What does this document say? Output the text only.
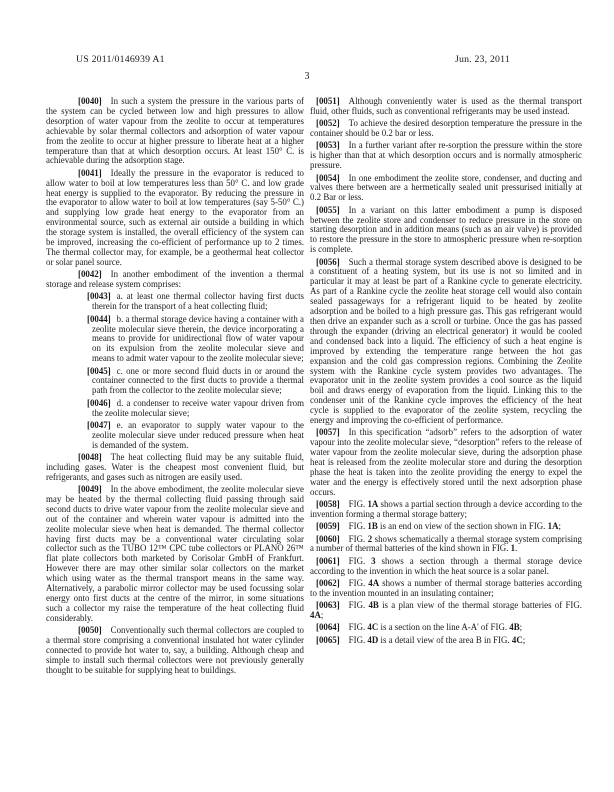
US 2011/0146939 A1	Jun. 23, 2011
3

[0040] In such a system the pressure in the various parts of the system can be cycled between low and high pressures to allow desorption of water vapour from the zeolite to occur at temperatures achievable by solar thermal collectors and adsorption of water vapour from the zeolite to occur at higher pressure to liberate heat at a higher temperature than that at which desorption occurs. At least 150° C. is achievable during the adsorption stage.

[0041] Ideally the pressure in the evaporator is reduced to allow water to boil at low temperatures less than 50° C. and low grade heat energy is supplied to the evaporator. By reducing the pressure in the evaporator to allow water to boil at low temperatures (say 5-50° C.) and supplying low grade heat energy to the evaporator from an environmental source, such as external air outside a building in which the storage system is installed, the overall efficiency of the system can be improved, increasing the co-efficient of performance up to 2 times. The thermal collector may, for example, be a geothermal heat collector or solar panel source.

[0042] In another embodiment of the invention a thermal storage and release system comprises:

[0043] a. at least one thermal collector having first ducts therein for the transport of a heat collecting fluid;

[0044] b. a thermal storage device having a container with a zeolite molecular sieve therein, the device incorporating a means to provide for unidirectional flow of water vapour on its expulsion from the zeolite molecular sieve and means to admit water vapour to the zeolite molecular sieve;

[0045] c. one or more second fluid ducts in or around the container connected to the first ducts to provide a thermal path from the collector to the zeolite molecular sieve;

[0046] d. a condenser to receive water vapour driven from the zeolite molecular sieve;

[0047] e. an evaporator to supply water vapour to the zeolite molecular sieve under reduced pressure when heat is demanded of the system.

[0048] The heat collecting fluid may be any suitable fluid, including gases. Water is the cheapest most convenient fluid, but refrigerants, and gases such as nitrogen are easily used.

[0049] In the above embodiment, the zeolite molecular sieve may be heated by the thermal collecting fluid passing through said second ducts to drive water vapour from the zeolite molecular sieve and out of the container and wherein water vapour is admitted into the zeolite molecular sieve when heat is demanded. The thermal collector having first ducts may be a conventional water circulating solar collector such as the TUBO 12™ CPC tube collectors or PLANO 26™ flat plate collectors both marketed by Corisolar GmbH of Frankfurt. However there are may other similar solar collectors on the market which using water as the thermal transport means in the same way. Alternatively, a parabolic mirror collector may be used focussing solar energy onto first ducts at the centre of the mirror, in some situations such a collector my raise the temperature of the heat collecting fluid considerably.

[0050] Conventionally such thermal collectors are coupled to a thermal store comprising a conventional insulated hot water cylinder connected to provide hot water to, say, a building. Although cheap and simple to install such thermal collectors were not previously generally thought to be suitable for supplying heat to buildings.

[0051] Although conveniently water is used as the thermal transport fluid, other fluids, such as conventional refrigerants may be used instead.

[0052] To achieve the desired desorption temperature the pressure in the container should be 0.2 bar or less.

[0053] In a further variant after re-sorption the pressure within the store is higher than that at which desorption occurs and is normally atmospheric pressure.

[0054] In one embodiment the zeolite store, condenser, and ducting and valves there between are a hermetically sealed unit pressurised initially at 0.2 Bar or less.

[0055] In a variant on this latter embodiment a pump is disposed between the zeolite store and condenser to reduce pressure in the store on starting desorption and in addition means (such as an air valve) is provided to restore the pressure in the store to atmospheric pressure when re-sorption is complete.

[0056] Such a thermal storage system described above is designed to be a constituent of a heating system, but its use is not so limited and in particular it may at least be part of a Rankine cycle to generate electricity. As part of a Rankine cycle the zeolite heat storage cell would also contain sealed passageways for a refrigerant liquid to be heated by zeolite adsorption and be boiled to a high pressure gas. This gas refrigerant would then drive an expander such as a scroll or turbine. Once the gas has passed through the expander (driving an electrical generator) it would be cooled and condensed back into a liquid. The efficiency of such a heat engine is improved by extending the temperature range between the hot gas expansion and the cold gas compression regions. Combining the Zeolite system with the Rankine cycle system provides two advantages. The evaporator unit in the zeolite system provides a cool source as the liquid boil and draws energy of evaporation from the liquid. Linking this to the condenser unit of the Rankine cycle improves the efficiency of the heat cycle is supplied to the evaporator of the zeolite system, recycling the energy and improving the co-efficient of performance.

[0057] In this specification “adsorb” refers to the adsorption of water vapour into the zeolite molecular sieve, “desorption” refers to the release of water vapour from the zeolite molecular sieve, during the adsorption phase heat is released from the zeolite molecular store and during the desorption phase the heat is taken into the zeolite providing the energy to expel the water and the energy is effectively stored until the next adsorption phase occurs.

[0058] FIG. 1A shows a partial section through a device according to the invention forming a thermal storage battery;

[0059] FIG. 1B is an end on view of the section shown in FIG. 1A;

[0060] FIG. 2 shows schematically a thermal storage system comprising a number of thermal batteries of the kind shown in FIG. 1.

[0061] FIG. 3 shows a section through a thermal storage device according to the invention in which the heat source is a solar panel.

[0062] FIG. 4A shows a number of thermal storage batteries according to the invention mounted in an insulating container;

[0063] FIG. 4B is a plan view of the thermal storage batteries of FIG. 4A;

[0064] FIG. 4C is a section on the line A-A' of FIG. 4B;

[0065] FIG. 4D is a detail view of the area B in FIG. 4C;
